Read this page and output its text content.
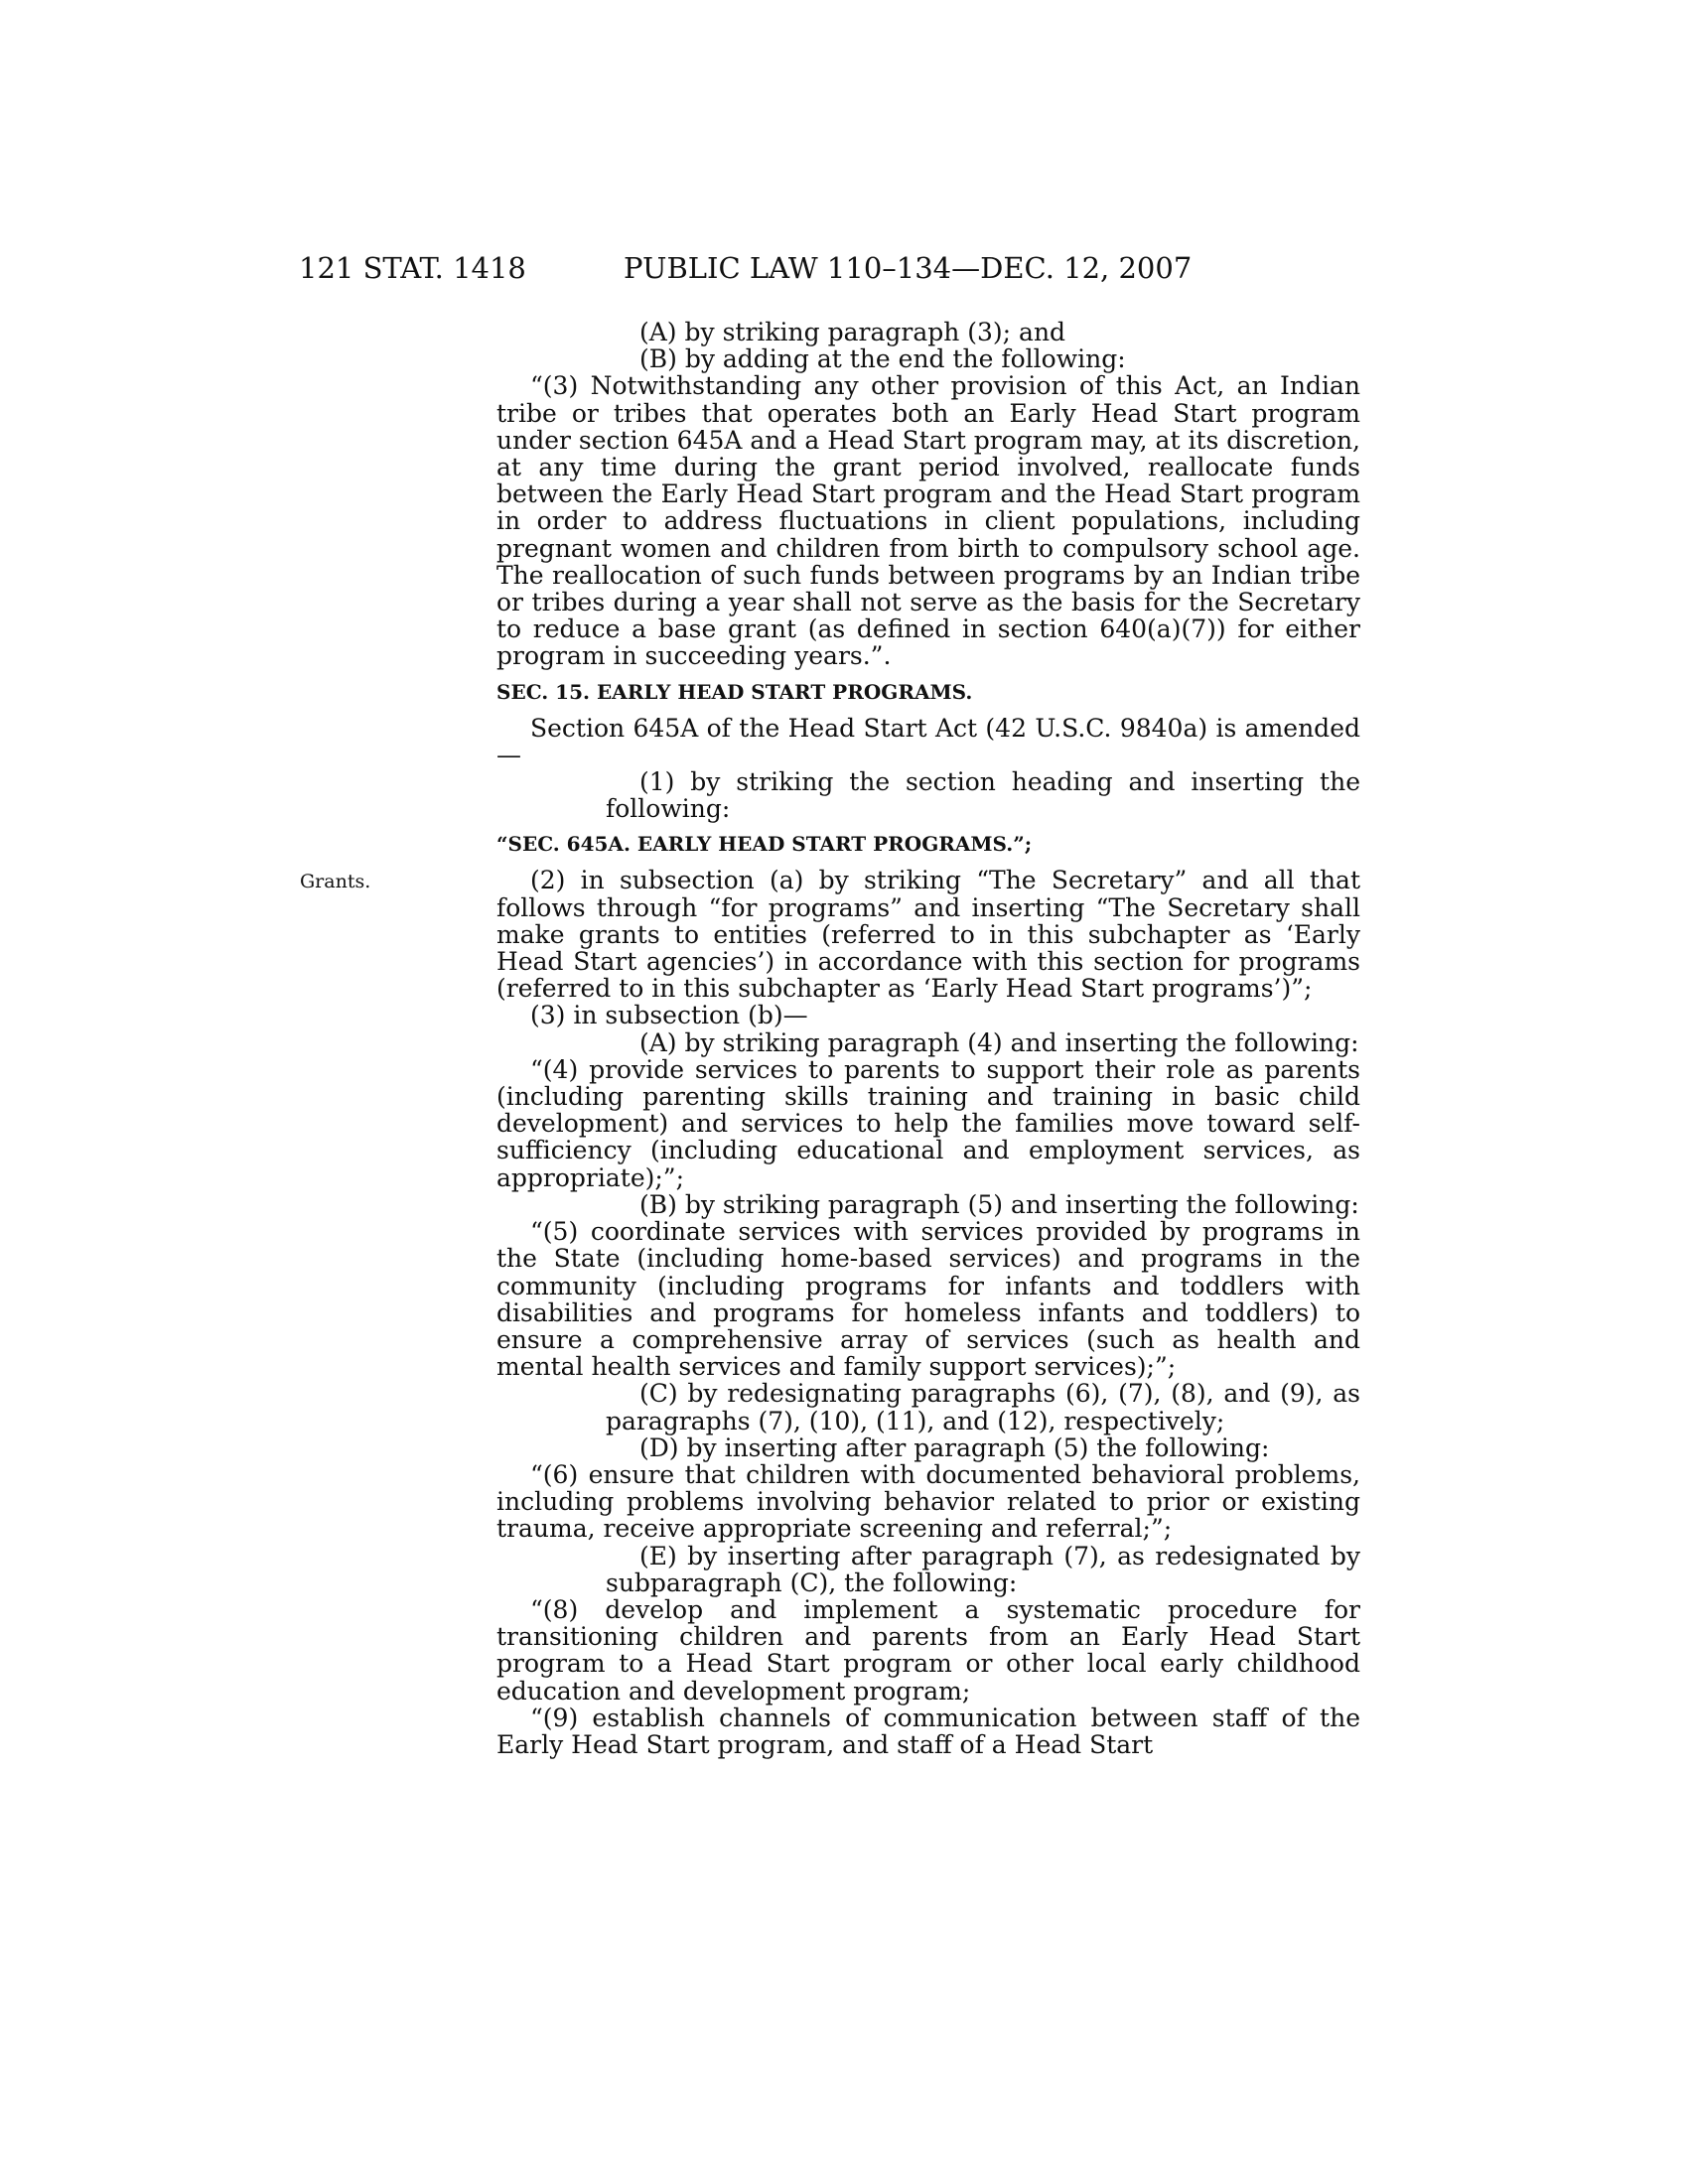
121 STAT. 1418	PUBLIC LAW 110–134—DEC. 12, 2007
Grants.

(A) by striking paragraph (3); and

(B) by adding at the end the following:

“(3) Notwithstanding any other provision of this Act, an Indian tribe or tribes that operates both an Early Head Start program under section 645A and a Head Start program may, at its discretion, at any time during the grant period involved, reallocate funds between the Early Head Start program and the Head Start program in order to address fluctuations in client populations, including pregnant women and children from birth to compulsory school age. The reallocation of such funds between programs by an Indian tribe or tribes during a year shall not serve as the basis for the Secretary to reduce a base grant (as defined in section 640(a)(7)) for either program in succeeding years.”.

SEC. 15. EARLY HEAD START PROGRAMS.

Section 645A of the Head Start Act (42 U.S.C. 9840a) is amended—

(1) by striking the section heading and inserting the following:

“SEC. 645A. EARLY HEAD START PROGRAMS.”;

(2) in subsection (a) by striking “The Secretary” and all that follows through “for programs” and inserting “The Secretary shall make grants to entities (referred to in this subchapter as ‘Early Head Start agencies’) in accordance with this section for programs (referred to in this subchapter as ‘Early Head Start programs’)”;

(3) in subsection (b)—

(A) by striking paragraph (4) and inserting the following:

“(4) provide services to parents to support their role as parents (including parenting skills training and training in basic child development) and services to help the families move toward self-sufficiency (including educational and employment services, as appropriate);”;

(B) by striking paragraph (5) and inserting the following:

“(5) coordinate services with services provided by programs in the State (including home-based services) and programs in the community (including programs for infants and toddlers with disabilities and programs for homeless infants and toddlers) to ensure a comprehensive array of services (such as health and mental health services and family support services);”;

(C) by redesignating paragraphs (6), (7), (8), and (9), as paragraphs (7), (10), (11), and (12), respectively;

(D) by inserting after paragraph (5) the following:

“(6) ensure that children with documented behavioral problems, including problems involving behavior related to prior or existing trauma, receive appropriate screening and referral;”;

(E) by inserting after paragraph (7), as redesignated by subparagraph (C), the following:

“(8) develop and implement a systematic procedure for transitioning children and parents from an Early Head Start program to a Head Start program or other local early childhood education and development program;

“(9) establish channels of communication between staff of the Early Head Start program, and staff of a Head Start
